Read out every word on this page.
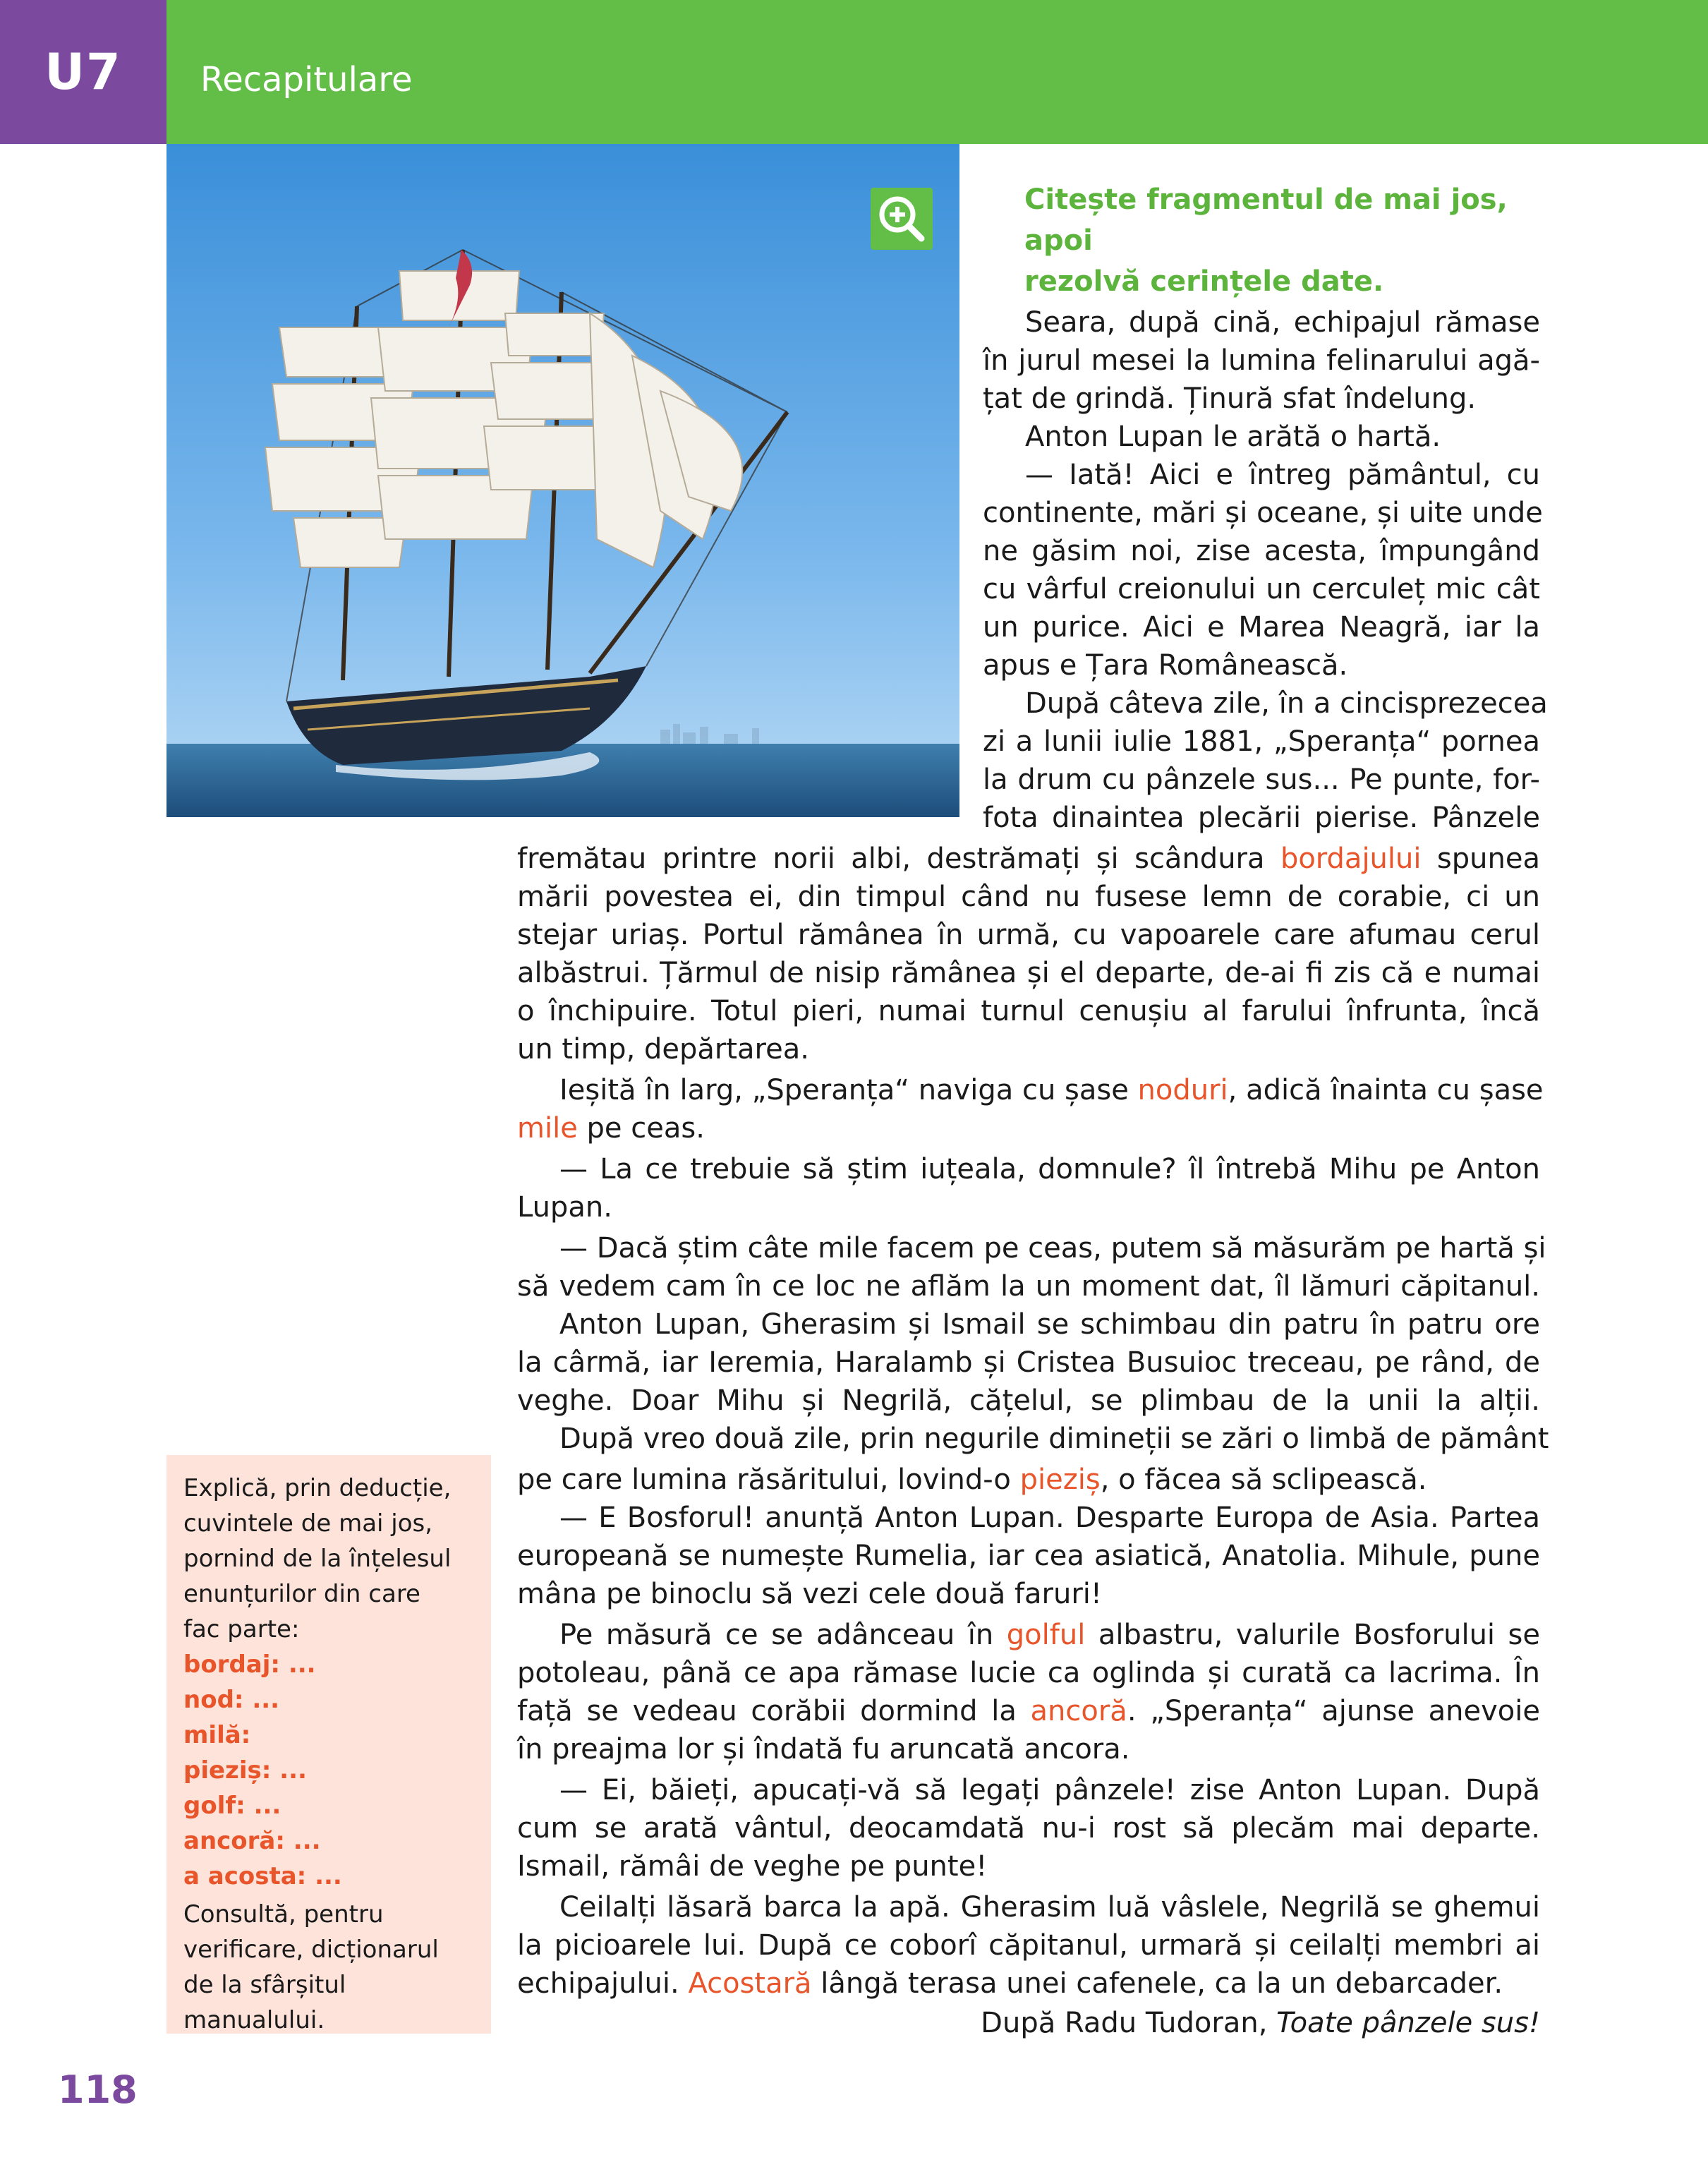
U7 Recapitulare
Citește fragmentul de mai jos, apoi
rezolvă cerințele date.
Seara, după cină, echipajul rămase
în jurul mesei la lumina felinarului agă-
țat de grindă. Ținură sfat îndelung.
Anton Lupan le arătă o hartă.
— Iată! Aici e întreg pământul, cu
continente, mări și oceane, și uite unde
ne găsim noi, zise acesta, împungând
cu vârful creionului un cerculeț mic cât
un purice. Aici e Marea Neagră, iar la
apus e Țara Românească.
După câteva zile, în a cincisprezecea
zi a lunii iulie 1881, „Speranța“ pornea
la drum cu pânzele sus... Pe punte, for-
fota dinaintea plecării pierise. Pânzele
fremătau printre norii albi, destrămați și scândura bordajului spunea
mării povestea ei, din timpul când nu fusese lemn de corabie, ci un
stejar uriaș. Portul rămânea în urmă, cu vapoarele care afumau cerul
albăstrui. Țărmul de nisip rămânea și el departe, de-ai fi zis că e numai
o închipuire. Totul pieri, numai turnul cenușiu al farului înfrunta, încă
un timp, depărtarea.
Ieșită în larg, „Speranța“ naviga cu șase noduri, adică înainta cu șase
mile pe ceas.
— La ce trebuie să știm iuțeala, domnule? îl întrebă Mihu pe Anton
Lupan.
— Dacă știm câte mile facem pe ceas, putem să măsurăm pe hartă și
să vedem cam în ce loc ne aflăm la un moment dat, îl lămuri căpitanul.
Anton Lupan, Gherasim și Ismail se schimbau din patru în patru ore
la cârmă, iar Ieremia, Haralamb și Cristea Busuioc treceau, pe rând, de
veghe. Doar Mihu și Negrilă, cățelul, se plimbau de la unii la alții.
După vreo două zile, prin negurile dimineții se zări o limbă de pământ
pe care lumina răsăritului, lovind-o pieziș, o făcea să sclipească.
— E Bosforul! anunță Anton Lupan. Desparte Europa de Asia. Partea
europeană se numește Rumelia, iar cea asiatică, Anatolia. Mihule, pune
mâna pe binoclu să vezi cele două faruri!
Pe măsură ce se adânceau în golful albastru, valurile Bosforului se
potoleau, până ce apa rămase lucie ca oglinda și curată ca lacrima. În
față se vedeau corăbii dormind la ancoră. „Speranța“ ajunse anevoie
în preajma lor și îndată fu aruncată ancora.
— Ei, băieți, apucați-vă să legați pânzele! zise Anton Lupan. După
cum se arată vântul, deocamdată nu-i rost să plecăm mai departe.
Ismail, rămâi de veghe pe punte!
Ceilalți lăsară barca la apă. Gherasim luă vâslele, Negrilă se ghemui
la picioarele lui. După ce coborî căpitanul, urmară și ceilalți membri ai
echipajului. Acostară lângă terasa unei cafenele, ca la un debarcader.
După Radu Tudoran, Toate pânzele sus!
Explică, prin deducție,
cuvintele de mai jos,
pornind de la înțelesul
enunțurilor din care
fac parte:
bordaj: ...
nod: ...
milă:
pieziș: ...
golf: ...
ancoră: ...
a acosta: ...
Consultă, pentru
verificare, dicționarul
de la sfârșitul
manualului.
118
